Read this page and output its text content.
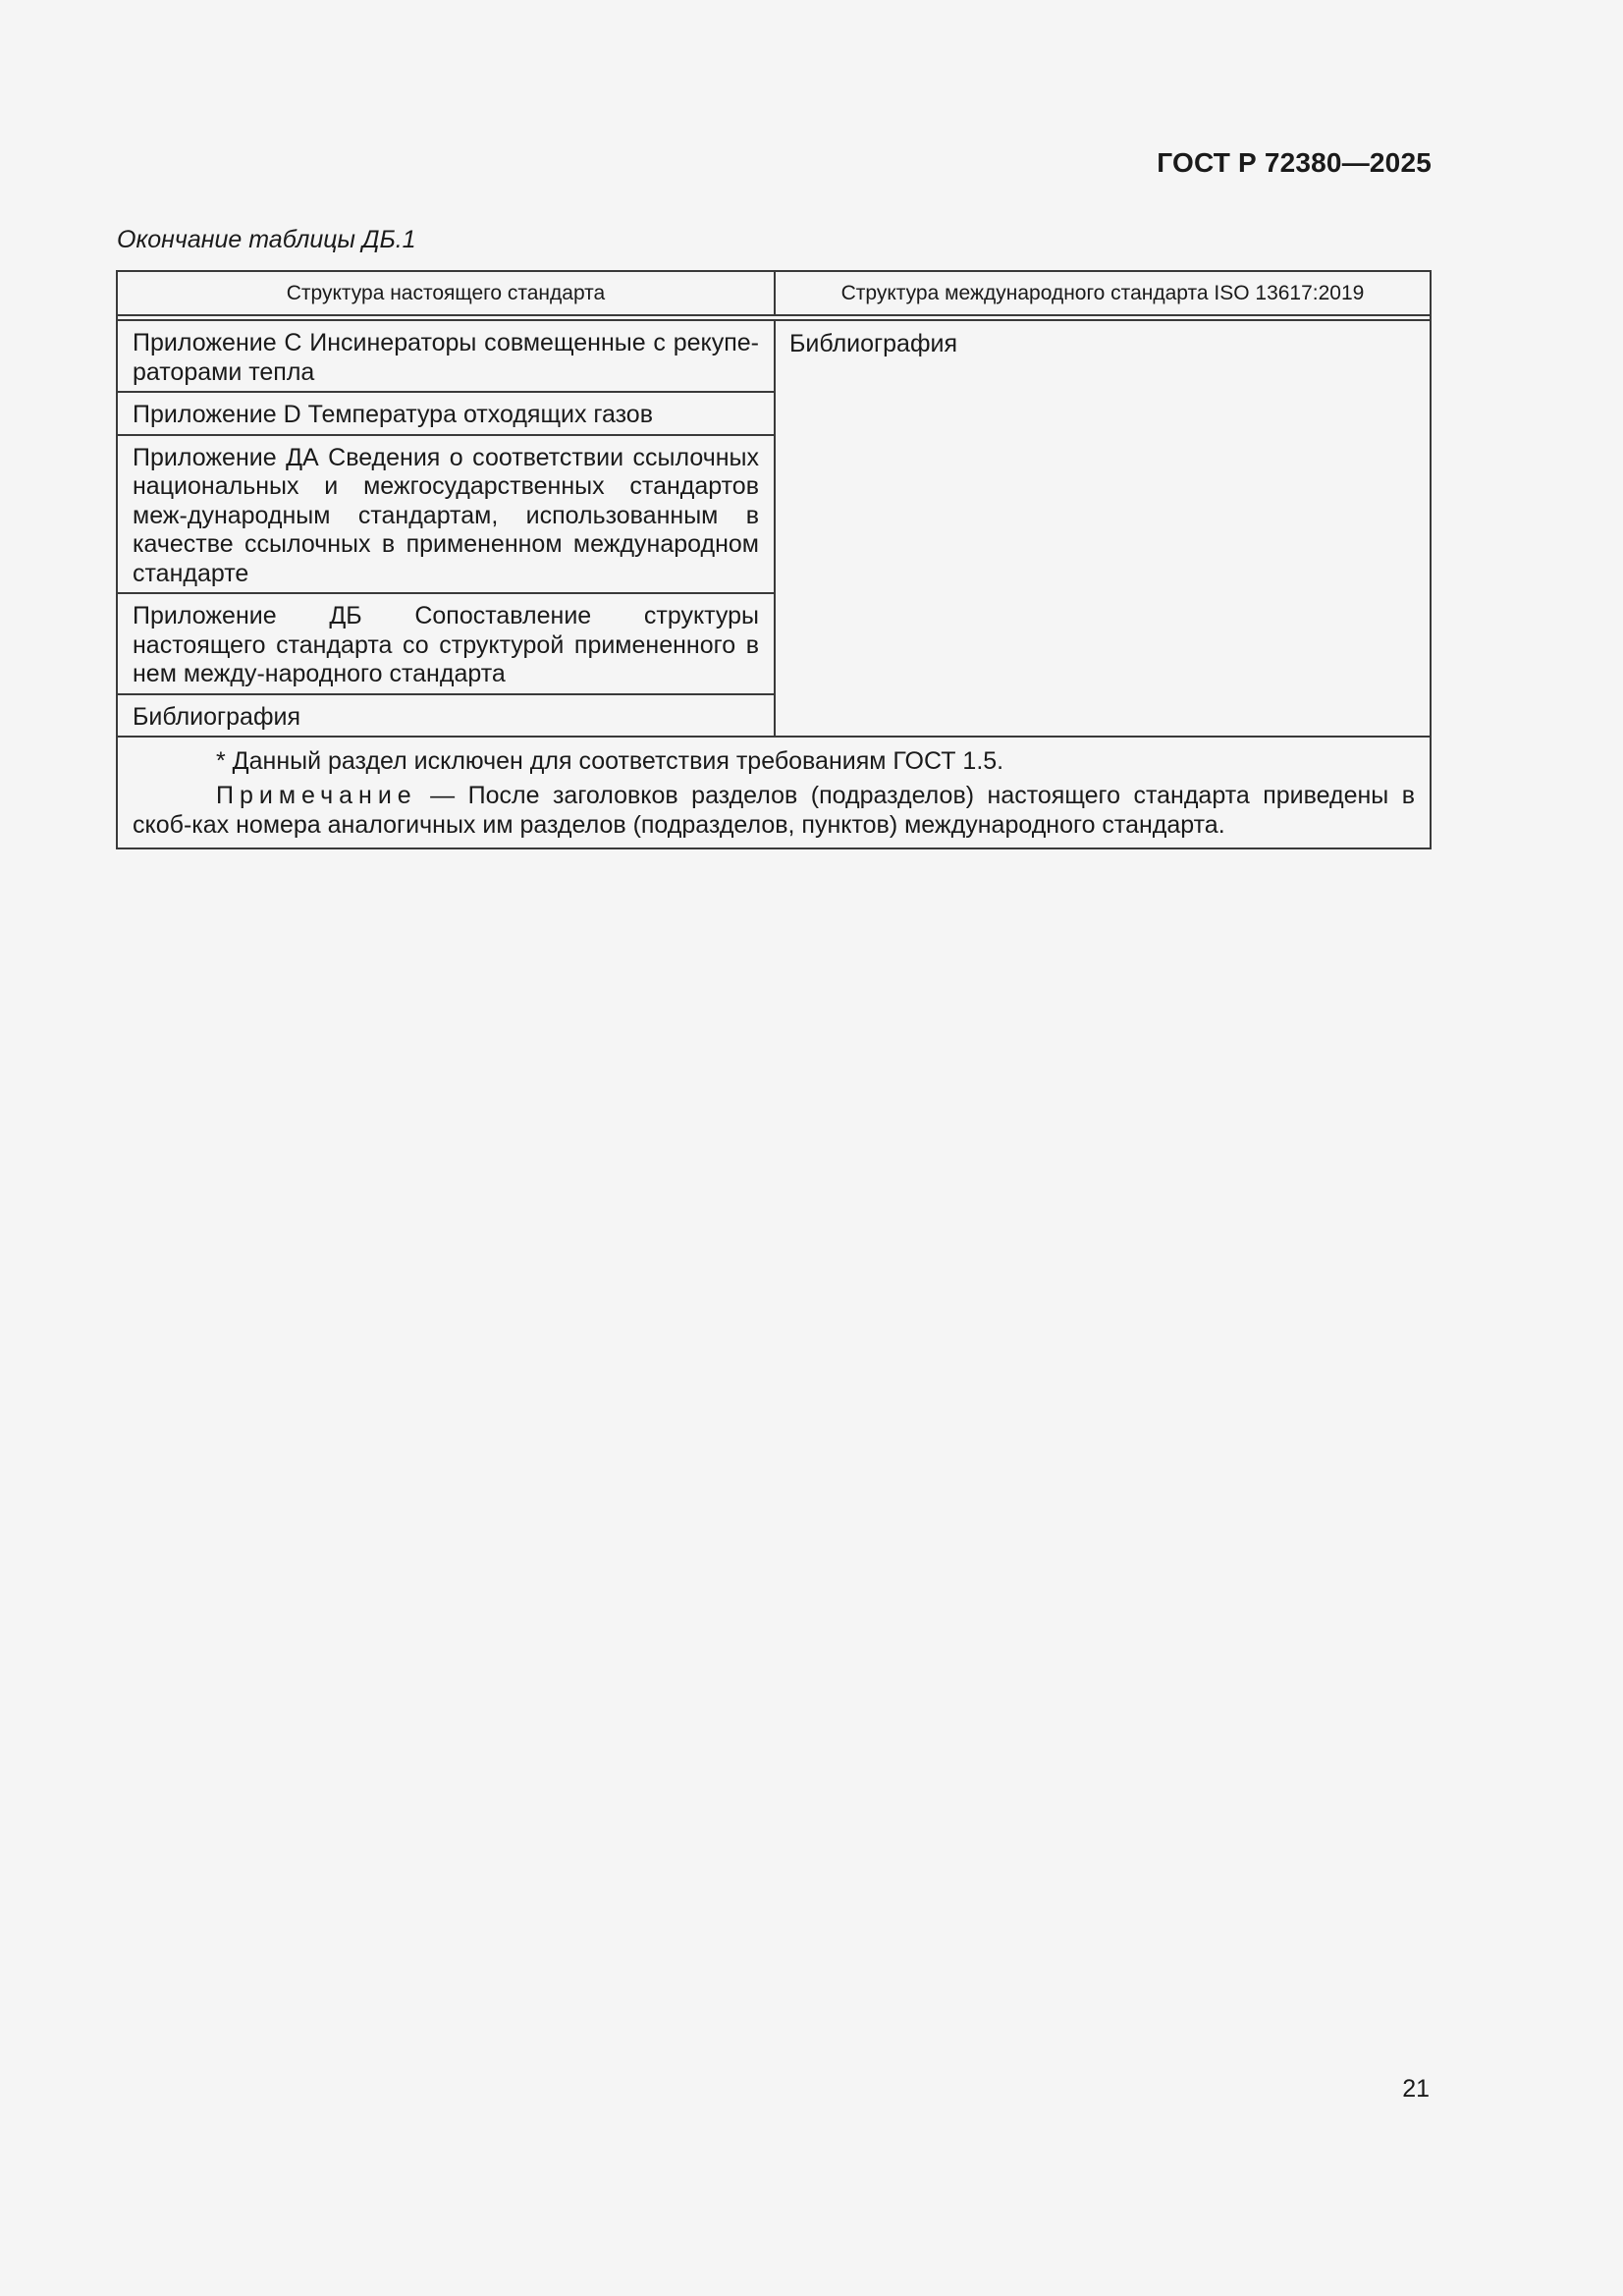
ГОСТ Р 72380—2025
Окончание таблицы ДБ.1
Структура настоящего стандарта	Структура международного стандарта ISO 13617:2019
Приложение С Инсинераторы совмещенные с рекупе-раторами тепла
Приложение D Температура отходящих газов
Приложение ДА Сведения о соответствии ссылочных национальных и межгосударственных стандартов меж-дународным стандартам, использованным в качестве ссылочных в примененном международном стандарте
Приложение ДБ Сопоставление структуры настоящего стандарта со структурой примененного в нем между-народного стандарта
Библиография
Библиография
* Данный раздел исключен для соответствия требованиям ГОСТ 1.5.
Примечание — После заголовков разделов (подразделов) настоящего стандарта приведены в скоб-ках номера аналогичных им разделов (подразделов, пунктов) международного стандарта.
21
